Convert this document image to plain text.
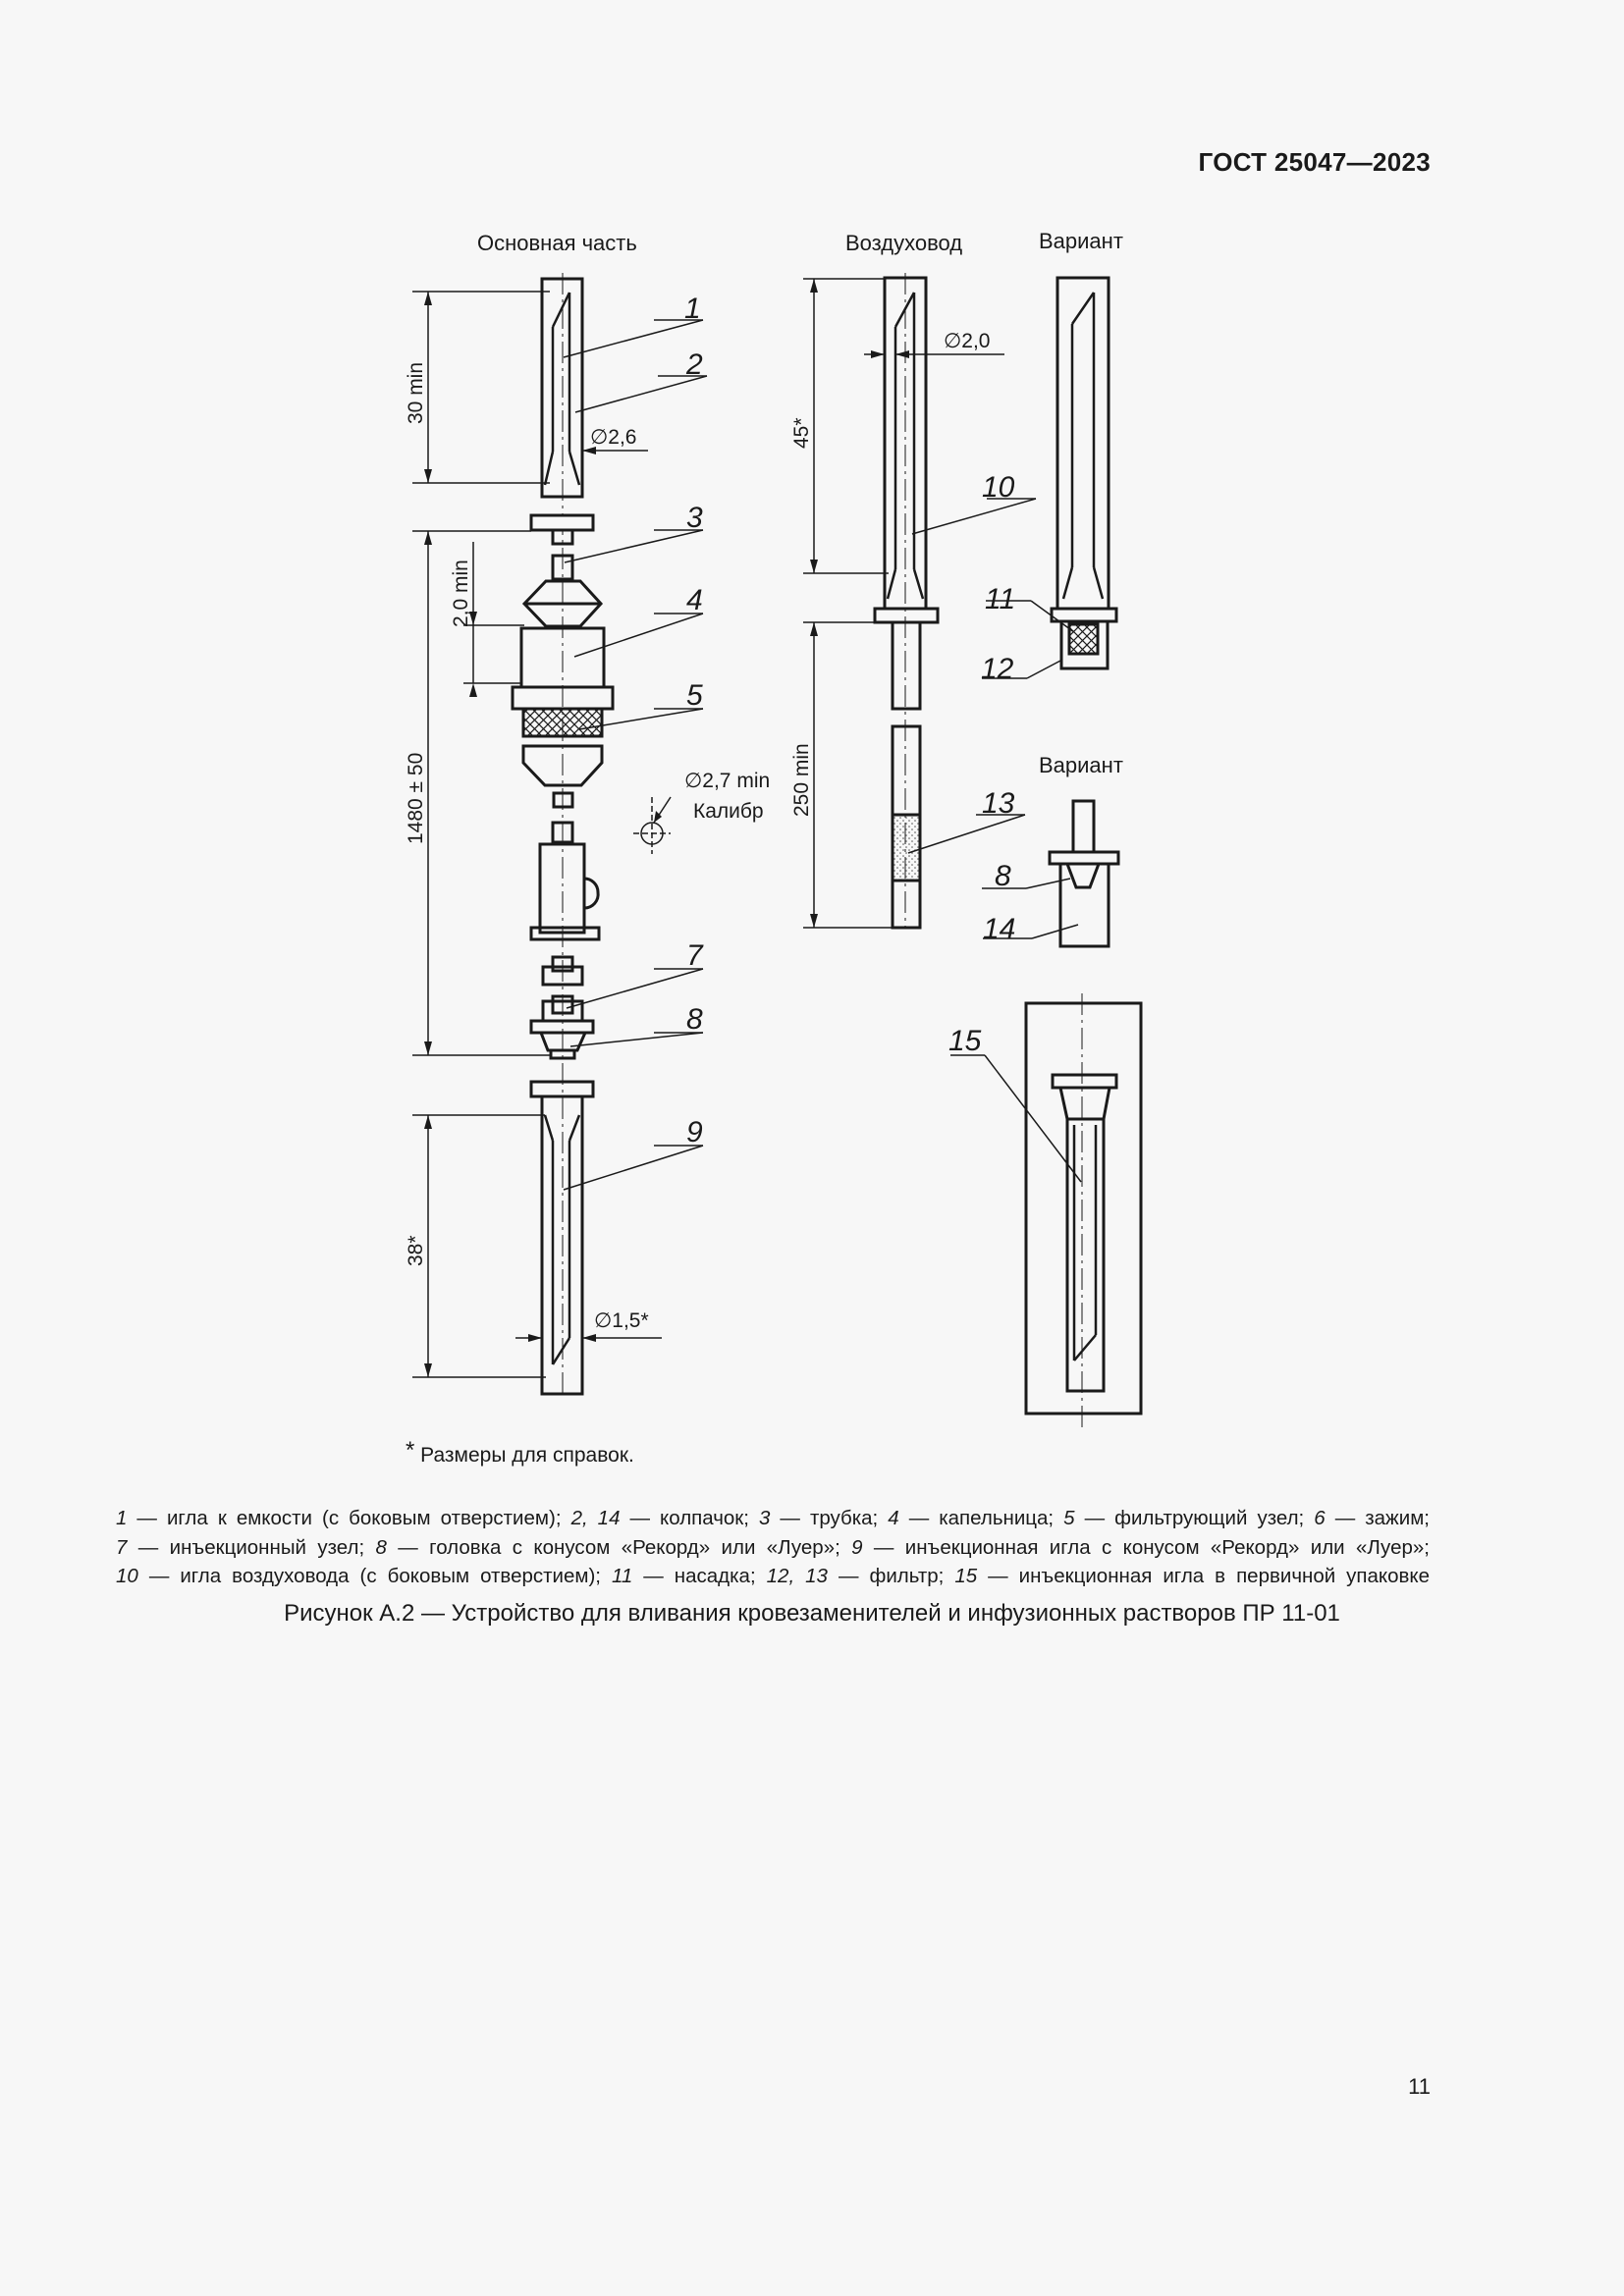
ГОСТ 25047—2023
Основная часть	Воздуховод	Вариант
Вариант
30 min
∅2,6
2,0 min
1480 ± 50	∅2,7 min
Калибр
38*
∅1,5*
1
2
3
4
5
7
8
9
45*
∅2,0
250 min
10
13
11
12
8
14
15
* Размеры для справок.
1 — игла к емкости (с боковым отверстием); 2, 14 — колпачок; 3 — трубка; 4 — капельница; 5 — фильтрующий узел; 6 — зажим;
7 — инъекционный узел; 8 — головка с конусом «Рекорд» или «Луер»; 9 — инъекционная игла с конусом «Рекорд» или «Луер»;
10 — игла воздуховода (с боковым отверстием); 11 — насадка; 12, 13 — фильтр; 15 — инъекционная игла в первичной упаковке
Рисунок А.2 — Устройство для вливания кровезаменителей и инфузионных растворов ПР 11-01
11
